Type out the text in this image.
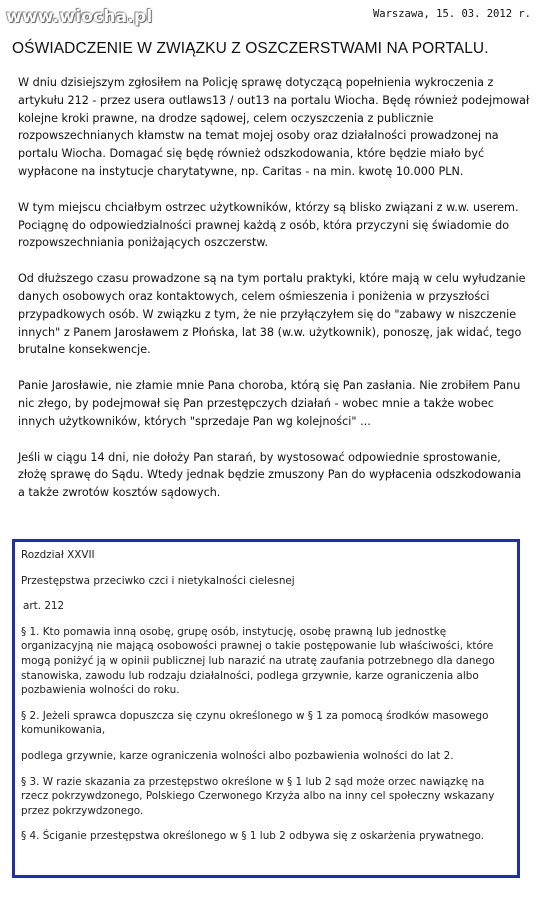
www.wiocha.pl	Warszawa, 15. 03. 2012 r.
OŚWIADCZENIE W ZWIĄZKU Z OSZCZERSTWAMI NA PORTALU.

W dniu dzisiejszym zgłosiłem na Policję sprawę dotyczącą popełnienia wykroczenia z artykułu 212 - przez usera outlaws13 / out13 na portalu Wiocha. Będę również podejmował kolejne kroki prawne, na drodze sądowej, celem oczyszczenia z publicznie rozpowszechnianych kłamstw na temat mojej osoby oraz działalności prowadzonej na portalu Wiocha. Domagać się będę również odszkodowania, które będzie miało być wypłacone na instytucje charytatywne, np. Caritas - na min. kwotę 10.000 PLN.

W tym miejscu chciałbym ostrzec użytkowników, którzy są blisko związani z w.w. userem. Pociągnę do odpowiedzialności prawnej każdą z osób, która przyczyni się świadomie do rozpowszechniania poniżających oszczerstw.

Od dłuższego czasu prowadzone są na tym portalu praktyki, które mają w celu wyłudzanie danych osobowych oraz kontaktowych, celem ośmieszenia i poniżenia w przyszłości przypadkowych osób. W związku z tym, że nie przyłączyłem się do "zabawy w niszczenie innych" z Panem Jarosławem z Płońska, lat 38 (w.w. użytkownik), ponoszę, jak widać, tego brutalne konsekwencje.

Panie Jarosławie, nie złamie mnie Pana choroba, którą się Pan zasłania. Nie zrobiłem Panu nic złego, by podejmował się Pan przestępczych działań - wobec mnie a także wobec innych użytkowników, których "sprzedaje Pan wg kolejności" ...

Jeśli w ciągu 14 dni, nie dołoży Pan starań, by wystosować odpowiednie sprostowanie, złożę sprawę do Sądu. Wtedy jednak będzie zmuszony Pan do wypłacenia odszkodowania a także zwrotów kosztów sądowych.

Rozdział XXVII

Przestępstwa przeciwko czci i nietykalności cielesnej

art. 212

§ 1. Kto pomawia inną osobę, grupę osób, instytucję, osobę prawną lub jednostkę organizacyjną nie mającą osobowości prawnej o takie postępowanie lub właściwości, które mogą poniżyć ją w opinii publicznej lub narazić na utratę zaufania potrzebnego dla danego stanowiska, zawodu lub rodzaju działalności, podlega grzywnie, karze ograniczenia albo pozbawienia wolności do roku.

§ 2. Jeżeli sprawca dopuszcza się czynu określonego w § 1 za pomocą środków masowego komunikowania,

podlega grzywnie, karze ograniczenia wolności albo pozbawienia wolności do lat 2.

§ 3. W razie skazania za przestępstwo określone w § 1 lub 2 sąd może orzec nawiązkę na rzecz pokrzywdzonego, Polskiego Czerwonego Krzyża albo na inny cel społeczny wskazany przez pokrzywdzonego.

§ 4. Ściganie przestępstwa określonego w § 1 lub 2 odbywa się z oskarżenia prywatnego.
